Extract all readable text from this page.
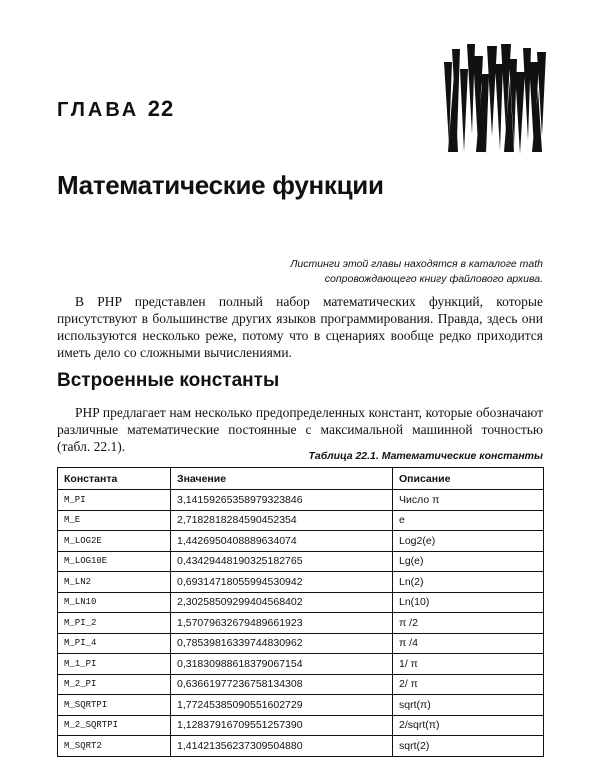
ГЛАВА 22
Математические функции
Листинги этой главы находятся в каталоге math
сопровождающего книгу файлового архива.

В PHP представлен полный набор математических функций, которые присутствуют в большинстве других языков программирования. Правда, здесь они используются несколько реже, потому что в сценариях вообще редко приходится иметь дело со сложными вычислениями.

Встроенные константы

PHP предлагает нам несколько предопределенных констант, которые обозначают различные математические постоянные с максимальной машинной точностью (табл. 22.1).

Таблица 22.1. Математические константы
Константа	Значение	Описание
M_PI	3,14159265358979323846	Число π
M_E	2,7182818284590452354	e
M_LOG2E	1,4426950408889634074	Log2(e)
M_LOG10E	0,43429448190325182765	Lg(e)
M_LN2	0,69314718055994530942	Ln(2)
M_LN10	2,30258509299404568402	Ln(10)
M_PI_2	1,57079632679489661923	π /2
M_PI_4	0,78539816339744830962	π /4
M_1_PI	0,31830988618379067154	1/ π
M_2_PI	0,63661977236758134308	2/ π
M_SQRTPI	1,77245385090551602729	sqrt(π)
M_2_SQRTPI	1,12837916709551257390	2/sqrt(π)
M_SQRT2	1,41421356237309504880	sqrt(2)
